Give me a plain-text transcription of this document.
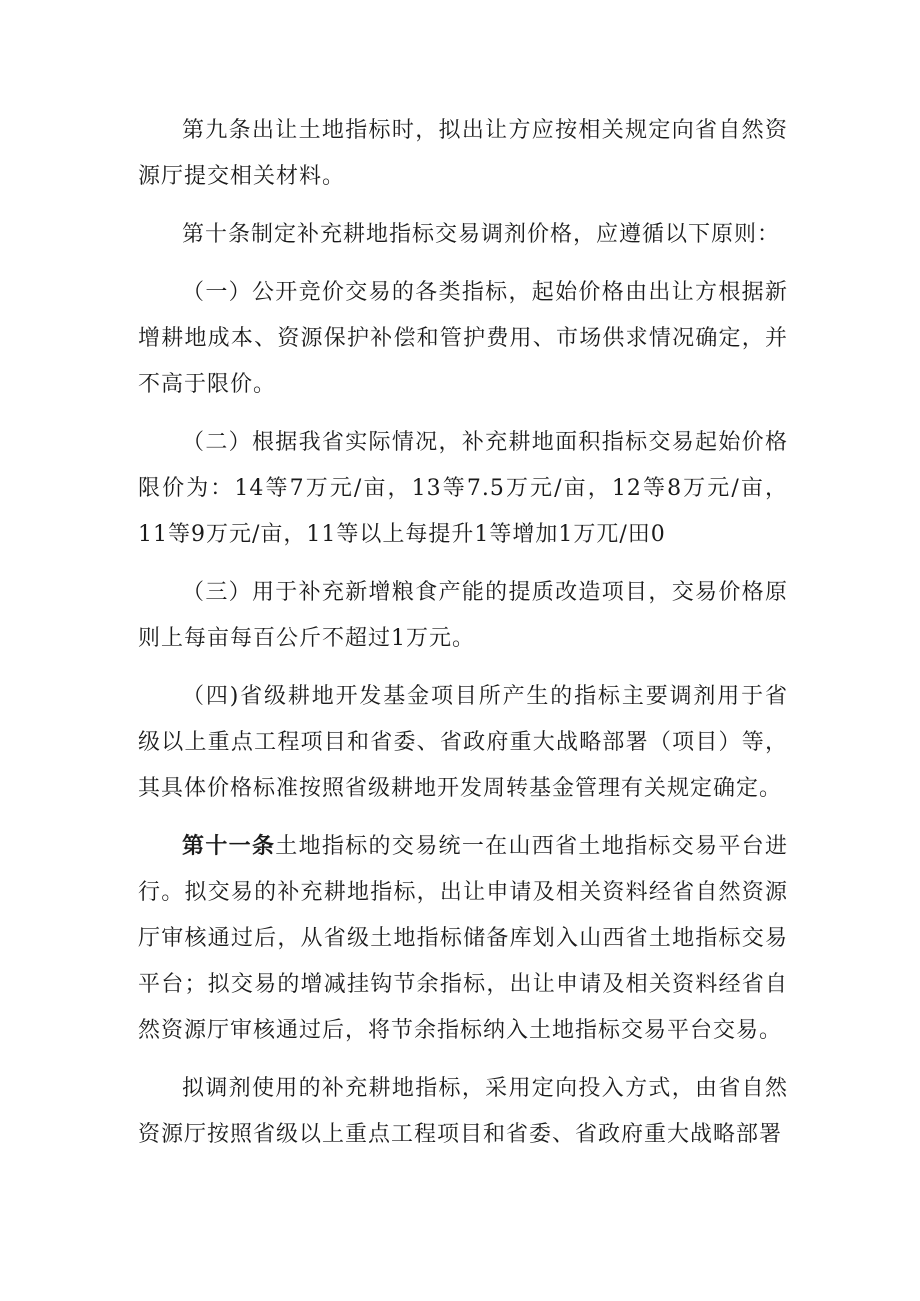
第九条出让土地指标时，拟出让方应按相关规定向省自然资源厅提交相关材料。

第十条制定补充耕地指标交易调剂价格，应遵循以下原则：

（一）公开竞价交易的各类指标，起始价格由出让方根据新增耕地成本、资源保护补偿和管护费用、市场供求情况确定，并不高于限价。

（二）根据我省实际情况，补充耕地面积指标交易起始价格限价为：14等7万元/亩，13等7.5万元/亩，12等8万元/亩，11等9万元/亩，11等以上每提升1等增加1万兀/田0

（三）用于补充新增粮食产能的提质改造项目，交易价格原则上每亩每百公斤不超过1万元。

（四)省级耕地开发基金项目所产生的指标主要调剂用于省级以上重点工程项目和省委、省政府重大战略部署（项目）等，其具体价格标准按照省级耕地开发周转基金管理有关规定确定。

第十一条土地指标的交易统一在山西省土地指标交易平台进行。拟交易的补充耕地指标，出让申请及相关资料经省自然资源厅审核通过后，从省级土地指标储备库划入山西省土地指标交易平台；拟交易的增减挂钩节余指标，出让申请及相关资料经省自然资源厅审核通过后，将节余指标纳入土地指标交易平台交易。

拟调剂使用的补充耕地指标，采用定向投入方式，由省自然资源厅按照省级以上重点工程项目和省委、省政府重大战略部署
